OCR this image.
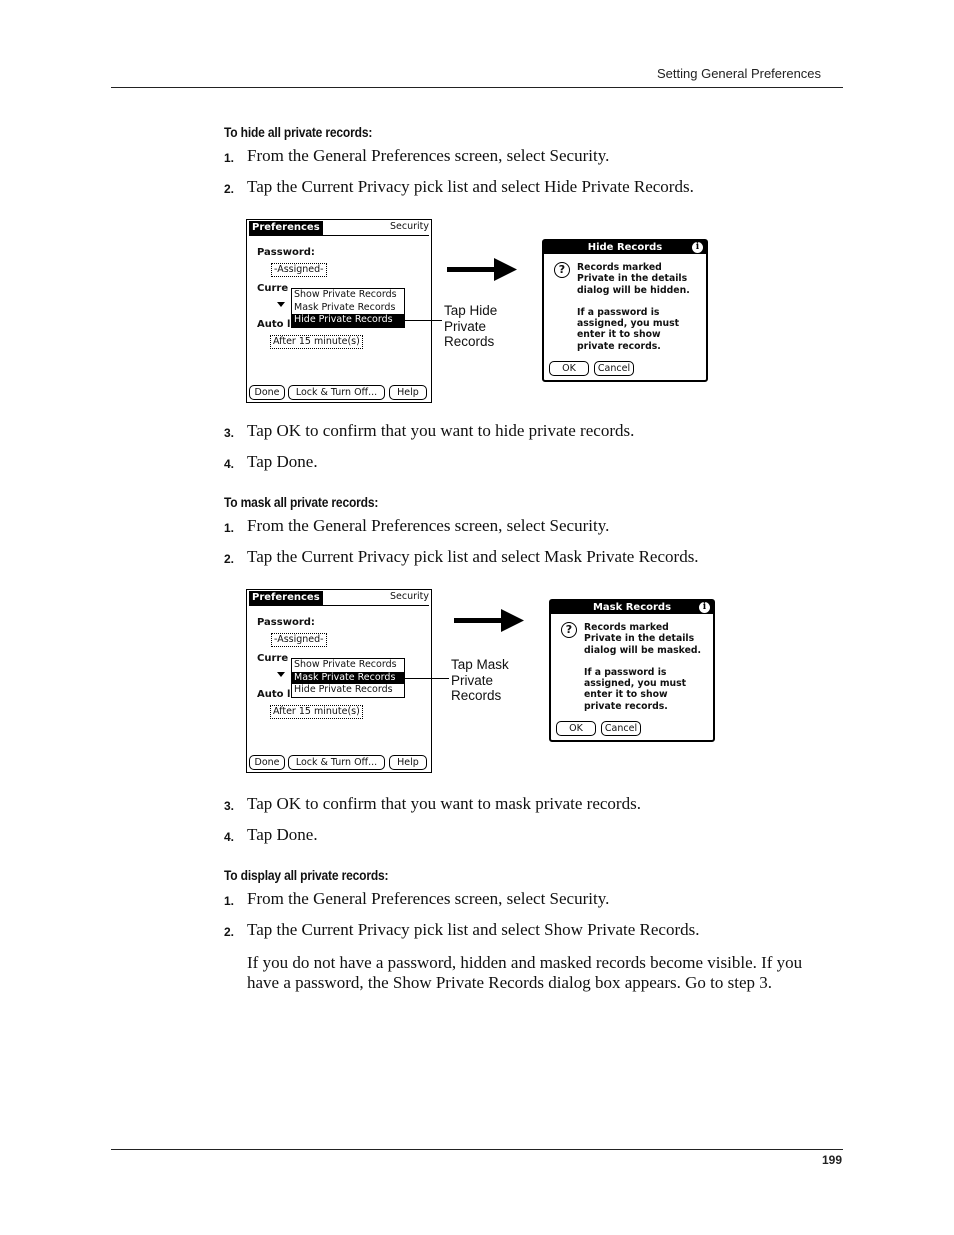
Setting General Preferences
To hide all private records:
1. From the General Preferences screen, select Security.
2. Tap the Current Privacy pick list and select Hide Private Records.
Preferences	Security
Password:
-Assigned-
Curre
Auto l
Show Private Records
Mask Private Records
Hide Private Records
After 15 minute(s)
Done	Lock & Turn Off...	Help
Tap Hide
Private
Records
Hide Records	i
?	Records marked
Private in the details
dialog will be hidden.
If a password is
assigned, you must
enter it to show
private records.
OK	Cancel
3. Tap OK to confirm that you want to hide private records.
4. Tap Done.
To mask all private records:
1. From the General Preferences screen, select Security.
2. Tap the Current Privacy pick list and select Mask Private Records.
Preferences	Security
Password:
-Assigned-
Curre
Auto l
Show Private Records
Mask Private Records
Hide Private Records
After 15 minute(s)
Done	Lock & Turn Off...	Help
Tap Mask
Private
Records
Mask Records	i
?	Records marked
Private in the details
dialog will be masked.
If a password is
assigned, you must
enter it to show
private records.
OK	Cancel
3. Tap OK to confirm that you want to mask private records.
4. Tap Done.
To display all private records:
1. From the General Preferences screen, select Security.
2. Tap the Current Privacy pick list and select Show Private Records.
If you do not have a password, hidden and masked records become visible. If you have a password, the Show Private Records dialog box appears. Go to step 3.
199
